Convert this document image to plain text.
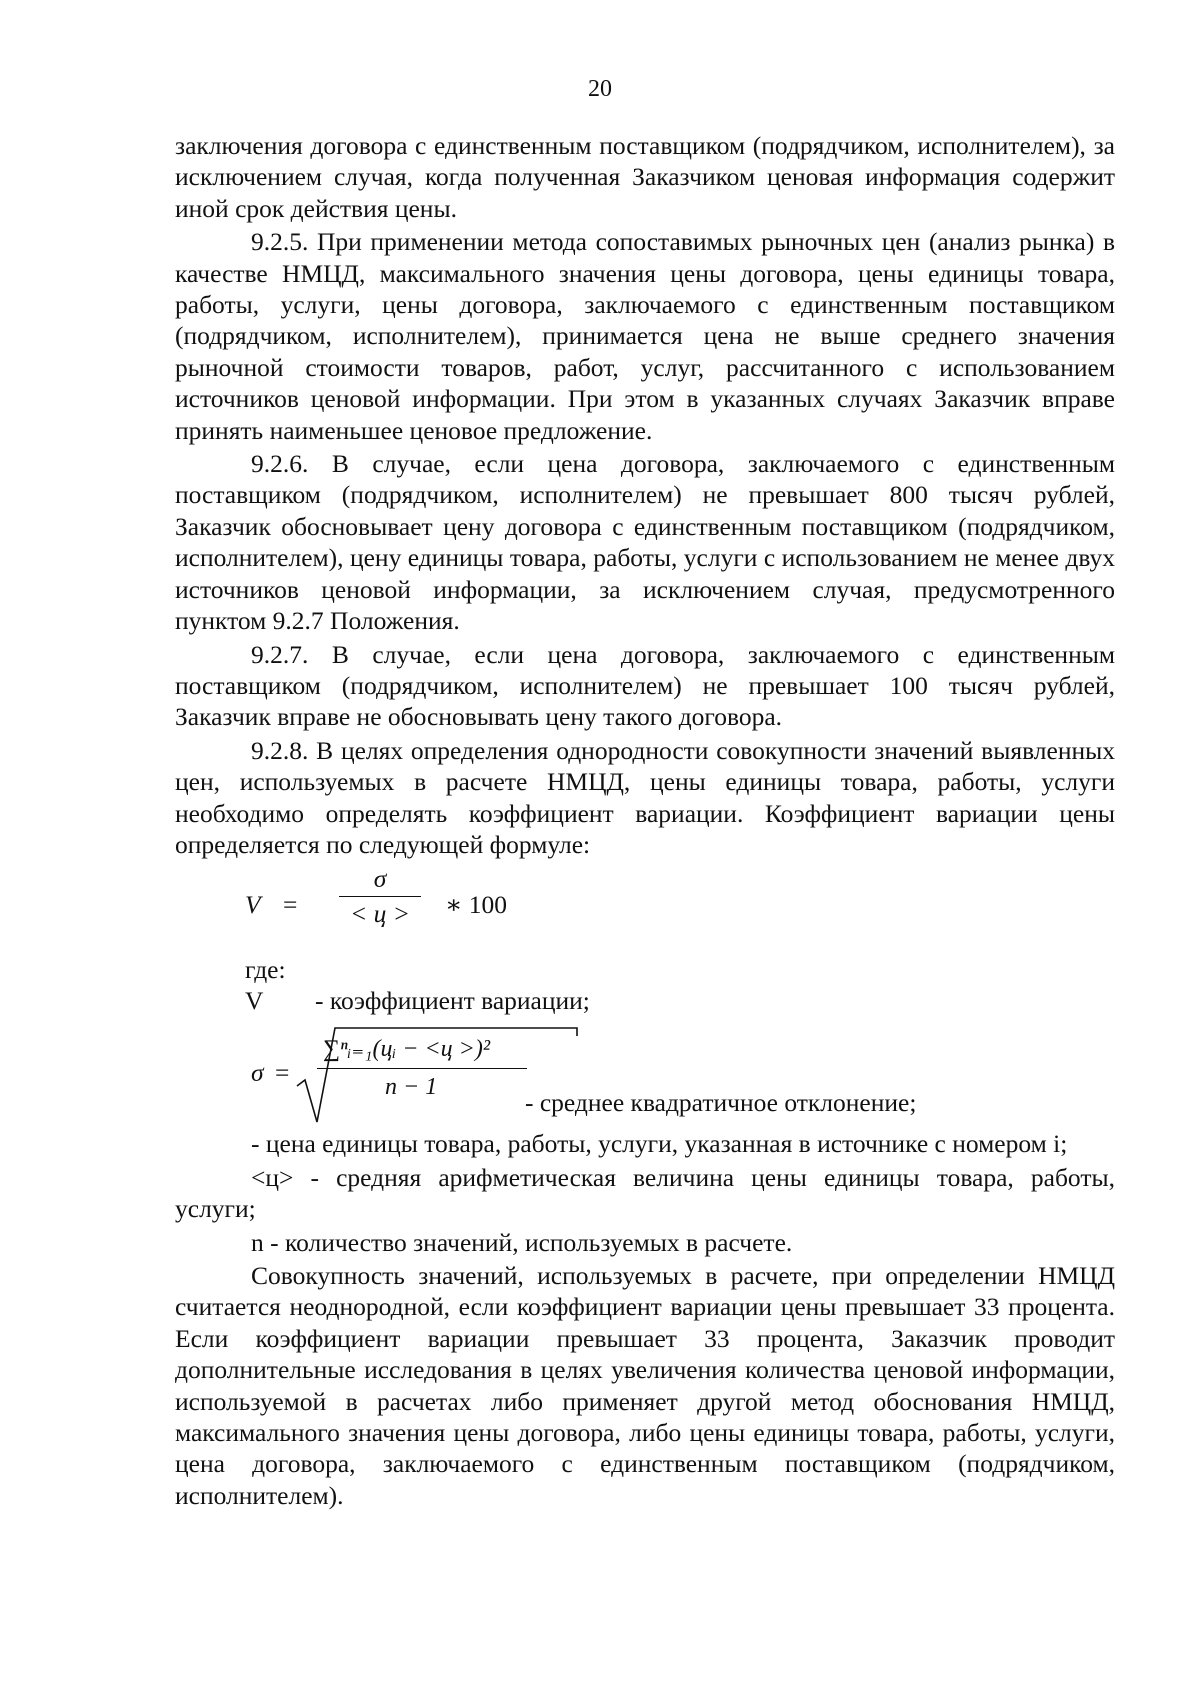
20

заключения договора с единственным поставщиком (подрядчиком, исполнителем), за исключением случая, когда полученная Заказчиком ценовая информация содержит иной срок действия цены.

9.2.5. При применении метода сопоставимых рыночных цен (анализ рынка) в качестве НМЦД, максимального значения цены договора, цены единицы товара, работы, услуги, цены договора, заключаемого с единственным поставщиком (подрядчиком, исполнителем), принимается цена не выше среднего значения рыночной стоимости товаров, работ, услуг, рассчитанного с использованием источников ценовой информации. При этом в указанных случаях Заказчик вправе принять наименьшее ценовое предложение.

9.2.6. В случае, если цена договора, заключаемого с единственным поставщиком (подрядчиком, исполнителем) не превышает 800 тысяч рублей, Заказчик обосновывает цену договора с единственным поставщиком (подрядчиком, исполнителем), цену единицы товара, работы, услуги с использованием не менее двух источников ценовой информации, за исключением случая, предусмотренного пунктом 9.2.7 Положения.

9.2.7. В случае, если цена договора, заключаемого с единственным поставщиком (подрядчиком, исполнителем) не превышает 100 тысяч рублей, Заказчик вправе не обосновывать цену такого договора.

9.2.8. В целях определения однородности совокупности значений выявленных цен, используемых в расчете НМЦД, цены единицы товара, работы, услуги необходимо определять коэффициент вариации. Коэффициент вариации цены определяется по следующей формуле:

V =
σ
< ц >	∗ 100
где:
V - коэффициент вариации;
σ =
∑ⁿᵢ₌₁(цᵢ − <ц >)²
n − 1
- среднее квадратичное отклонение;

- цена единицы товара, работы, услуги, указанная в источнике с номером i;

<ц> - средняя арифметическая величина цены единицы товара, работы, услуги;

n - количество значений, используемых в расчете.

Совокупность значений, используемых в расчете, при определении НМЦД считается неоднородной, если коэффициент вариации цены превышает 33 процента. Если коэффициент вариации превышает 33 процента, Заказчик проводит дополнительные исследования в целях увеличения количества ценовой информации, используемой в расчетах либо применяет другой метод обоснования НМЦД, максимального значения цены договора, либо цены единицы товара, работы, услуги, цена договора, заключаемого с единственным поставщиком (подрядчиком, исполнителем).
